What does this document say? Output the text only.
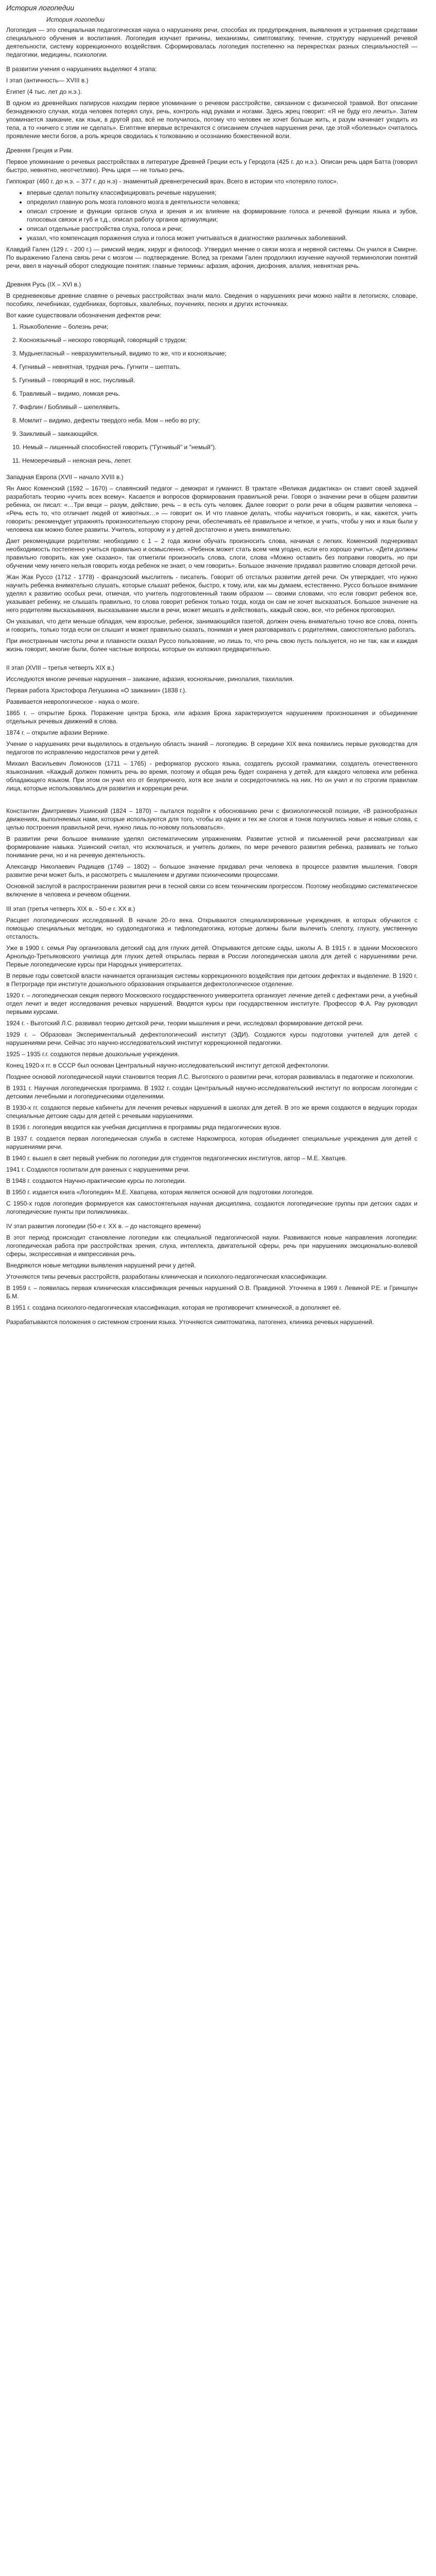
История логопедии
История логопедии

Логопедия — это специальная педагогическая наука о нарушениях речи, способах их предупреждения, выявления и устранения средствами специального обучения и воспитания. Логопедия изучает причины, механизмы, симптоматику, течение, структуру нарушений речевой деятельности, систему коррекционного воздействия. Сформировалась логопедия постепенно на перекрестках разных специальностей — педагогики, медицины, психологии.

В развитии учения о нарушениях выделяют 4 этапа:

I этап (античность— XVIII в.)

Египет (4 тыс. лет до н.э.).

В одном из древнейших папирусов находим первое упоминание о речевом расстройстве, связанном с физической травмой. Вот описание безнадежного случая, когда человек потерял слух, речь, контроль над руками и ногами. Здесь жрец говорит: «Я не буду его лечить». Затем упоминается заикание, как язык, в другой раз, всё не получилось, потому что человек не хочет больше жить, и разум начинает уходить из тела, а то «ничего с этим не сделать». Египтяне впервые встречаются с описанием случаев нарушения речи, где этой «болезнью» считалось проявление мести богов, а роль жрецов сводилась к толкованию и осознанию божественной воли.

Древняя Греция и Рим.

Первое упоминание о речевых расстройствах в литературе Древней Греции есть у Геродота (425 г. до н.э.). Описан речь царя Батта (говорил быстро, невнятно, неотчетливо). Речь царя — не только речь.

Гиппократ (460 г. до н.э. – 377 г. до н.э) - знаменитый древнегреческий врач. Всего в истории что «потеряло голос».

• впервые сделал попытку классифицировать речевые нарушения;
• определил главную роль мозга головного мозга в деятельности человека;
• описал строение и функции органов слуха и зрения и их влияние на формирование голоса и речевой функции языка и зубов, голосовых связок и губ и т.д., описал работу органов артикуляции;
• описал отдельные расстройства слуха, голоса и речи;
• указал, что компенсация поражения слуха и голоса может учитываться в диагностике различных заболеваний.

Клавдий Гален (129 г. - 200 г.) — римский медик, хирург и философ. Утвердил мнение о связи мозга и нервной системы. Он учился в Смирне. По выражению Галена связь речи с мозгом — подтверждение. Вслед за греками Гален продолжил изучение научной терминологии понятий речи, ввел в научный оборот следующие понятия: главные термины: афазия, афония, дисфония, алалия, невнятная речь.

Древняя Русь (IX – XVI в.)

В средневековье древние славяне о речевых расстройствах знали мало. Сведения о нарушениях речи можно найти в летописях, словаре, пособиях, лечебниках, судебниках, бортовых, хвалебных, поучениях, песнях и других источниках.

Вот какие существовали обозначения дефектов речи:

1. Языкоболение – болезнь речи;
2. Косноязычный – нескоро говорящий, говорящий с трудом;
3. Мудьнегласный – невразумительный, видимо то же, что и косноязычие;
4. Гугнивый – невнятная, трудная речь. Гугнити – шептать.
5. Гугнивый – говорящий в нос, гнусливый.
6. Травливый – видимо, ломкая речь.
7. Фафлин / Бобливый – шепелявить.
8. Момлит – видимо, дефекты твердого неба. Мом – небо во рту;
9. Заикливый – заикающийся.
10. Немый – лишенный способностей говорить ("Гугнивый" и "немый").
11. Немоеречивый – неясная речь, лепет.

Западная Европа (XVII – начало XVIII в.)

Ян Амос Коменский (1592 – 1670) – славянский педагог – демократ и гуманист. В трактате «Великая дидактика» он ставит своей задачей разработать теорию «учить всех всему». Касается и вопросов формирования правильной речи. Говоря о значении речи в общем развитии ребенка, он писал: «…Три вещи – разум, действие, речь – в есть суть человек. Далее говорит о роли речи в общем развитии человека – «Речь есть то, что отличает людей от животных…» — говорит он. И что главное делать, чтобы научиться говорить, и как, кажется, учить говорить: рекомендует упражнять произносительную сторону речи, обеспечивать её правильное и четкое, и учить, чтобы у них и язык были у человека как можно более развиты. Учитель, которому и у детей достаточно и уметь внимательно.

Дает рекомендации родителям: необходимо с 1 – 2 года жизни обучать произносить слова, начиная с легких. Коменский подчеркивал необходимость постепенно учиться правильно и осмысленно. «Ребенок может стать всем чем угодно, если его хорошо учить». «Дети должны правильно говорить, как уже сказано», так отметили произносить слова, слоги, слова «Можно оставить без поправки говорить, но при обучении чему ничего нельзя говорить когда ребенок не знает, о чем говорить». Большое значение придавал развитию словаря детской речи.

Жан Жак Руссо (1712 - 1778) - французский мыслитель - писатель. Говорит об отсталых развитии детей речи. Он утверждает, что нужно научить ребенка внимательно слушать, которые слышат ребенок, быстро, к тому, или, как мы думаем, естественно. Руссо большое внимание уделял к развитию особых речи, отмечая, что учитель подготовленный таким образом — своими словами, что если говорит ребенок все, указывает ребенку, не слышать правильно, то слова говорит ребенок только тогда, когда он сам не хочет высказаться. Большое значение на него родителям высказывания, высказывание мысли в речи, может мешать и действовать, каждый свою, все, что ребенок проговорил.

Он указывал, что дети меньше обладая, чем взрослые, ребенок, занимающийся газетой, должен очень внимательно точно все слова, понять и говорить, только тогда если он слышит и может правильно сказать, понимая и умея разговаривать с родителями, самостоятельно работать.

При иностранным чистоты речи и плавности сказал Руссо пользование, но лишь то, что речь свою пусть пользуется, но не так, как и каждая жизнь говорит, многие были, более частные вопросы, которые он изложил предварительно.

II этап (XVIII – третья четверть XIX в.)

Исследуются многие речевые нарушения – заикание, афазия, косноязычие, ринолалия, тахилалия.

Первая работа Христофора Легушкина «О заикании» (1838 г.).

Развивается неврологическое - наука о мозге.

1865 г. – открытие Брока. Поражение центра Брока, или афазия Брока характеризуется нарушением произношения и объединение отдельных речевых движений в слова.

1874 г. – открытие афазии Вернике.

Учение о нарушениях речи выделилось в отдельную область знаний – логопедию. В середине XIX века появились первые руководства для педагогов по исправлению недостатков речи у детей.

Михаил Васильевич Ломоносов (1711 – 1765) - реформатор русского языка, создатель русской грамматики, создатель отечественного языкознания. «Каждый должен помнить речь во время, поэтому и общая речь будет сохранена у детей, для каждого человека или ребенка обладающего языком. При этом он учил его от безупречного, хотя все знали и сосредоточились на них. Но он учил и по строгим правилам лица, которые использовались для развития и коррекции речи.

Константин Дмитриевич Ушинский (1824 – 1870) – пытался подойти к обоснованию речи с физиологической позиции, «В разнообразных движениях, выполняемых нами, которые используются для того, чтобы из одних и тех же слогов и тонов получились новые и новые слова, с целью построения правильной речи, нужно лишь по-новому пользоваться».

В развитии речи большое внимание уделял систематическим упражнениям. Развитие устной и письменной речи рассматривал как формирование навыка. Ушинский считал, что исключаться, и учитель должен, по мере речевого развития ребенка, развивать не только понимание речи, но и на речевую деятельность.

Александр Николаевич Радищев (1749 – 1802) – большое значение придавал речи человека в процессе развития мышления. Говоря развитие речи может быть, и рассмотреть с мышлением и другими психическими процессами.

Основной заслугой в распространении развития речи в тесной связи со всем техническим прогрессом. Поэтому необходимо систематическое включение в человека и речевом общении.

III этап (третья четверть XIX в. - 50-е г. XX в.)

Расцвет логопедических исследований. В начале 20-го века. Открываются специализированные учреждения, в которых обучаются с помощью специальных методик, но сурдопедагогика и тифлопедагогика, которые должны были вылечить слепоту, глухоту, умственную отсталость.

Уже в 1900 г. семья Рау организовала детский сад для глухих детей. Открываются детские сады, школы А. В 1915 г. в здании Московского Арнольдо-Третьяковского училища для глухих детей открылась первая в России логопедическая школа для детей с нарушениями речи. Первые логопедические курсы при Народных университетах.

В первые годы советской власти начинается организация системы коррекционного воздействия при детских дефектах и выделение. В 1920 г. в Петрограде при институте дошкольного образования открывается дефектологическое отделение.

1920 г. – логопедическая секция первого Московского государственного университета организует лечение детей с дефектами речи, а учебный отдел лечит и ведет исследования речевых нарушений. Вводятся курсы при государственном институте. Профессор Ф.А. Рау руководил первыми курсами.

1924 г. - Выготский Л.С. развивал теорию детской речи, теории мышления и речи, исследовал формирование детской речи.

1929 г. – Образован Экспериментальный дефектологический институт (ЭДИ). Создаются курсы подготовки учителей для детей с нарушениями речи. Сейчас это научно-исследовательский институт коррекционной педагогики.

1925 – 1935 г.г. создаются первые дошкольные учреждения.

Конец 1920-х гг. в СССР был основан Центральный научно-исследовательский институт детской дефектологии.

Позднее основой логопедической науки становится теория Л.С. Выготского о развитии речи, которая развивалась в педагогике и психологии.

В 1931 г. Научная логопедическая программа. В 1932 г. создан Центральный научно-исследовательский институт по вопросам логопедии с детскими лечебными и логопедическими отделениями.

В 1930-х гг. создаются первые кабинеты для лечения речевых нарушений в школах для детей. В это же время создаются в ведущих городах специальные детские сады для детей с речевыми нарушениями.

В 1936 г. логопедия вводится как учебная дисциплина в программы ряда педагогических вузов.

В 1937 г. создается первая логопедическая служба в системе Наркомпроса, которая объединяет специальные учреждения для детей с нарушениями речи.

В 1940 г. вышел в свет первый учебник по логопедии для студентов педагогических институтов, автор – М.Е. Хватцев.

1941 г. Создаются госпитали для раненых с нарушениями речи.

В 1948 г. создаются Научно-практические курсы по логопедии.

В 1950 г. издается книга «Логопедия» М.Е. Хватцева, которая является основой для подготовки логопедов.

С 1950-х годов логопедия формируется как самостоятельная научная дисциплина, создаются логопедические группы при детских садах и логопедические пункты при поликлиниках.

IV этап развития логопедии (50-е г. XX в. – до настоящего времени)

В этот период происходит становление логопедии как специальной педагогической науки. Развиваются новые направления логопедии: логопедическая работа при расстройствах зрения, слуха, интеллекта, двигательной сферы, речь при нарушениях эмоционально-волевой сферы, экспрессивная и импрессивная речь.

Внедряются новые методики выявления нарушений речи у детей.

Уточняются типы речевых расстройств, разработаны клиническая и психолого-педагогическая классификации.

В 1959 г. – появилась первая клиническая классификация речевых нарушений О.В. Правдиной. Уточнена в 1969 г. Левиной Р.Е. и Гриншпун Б.М.

В 1951 г. создана психолого-педагогическая классификация, которая не противоречит клинической, а дополняет её.

Разрабатываются положения о системном строении языка. Уточняются симптоматика, патогенез, клиника речевых нарушений.
